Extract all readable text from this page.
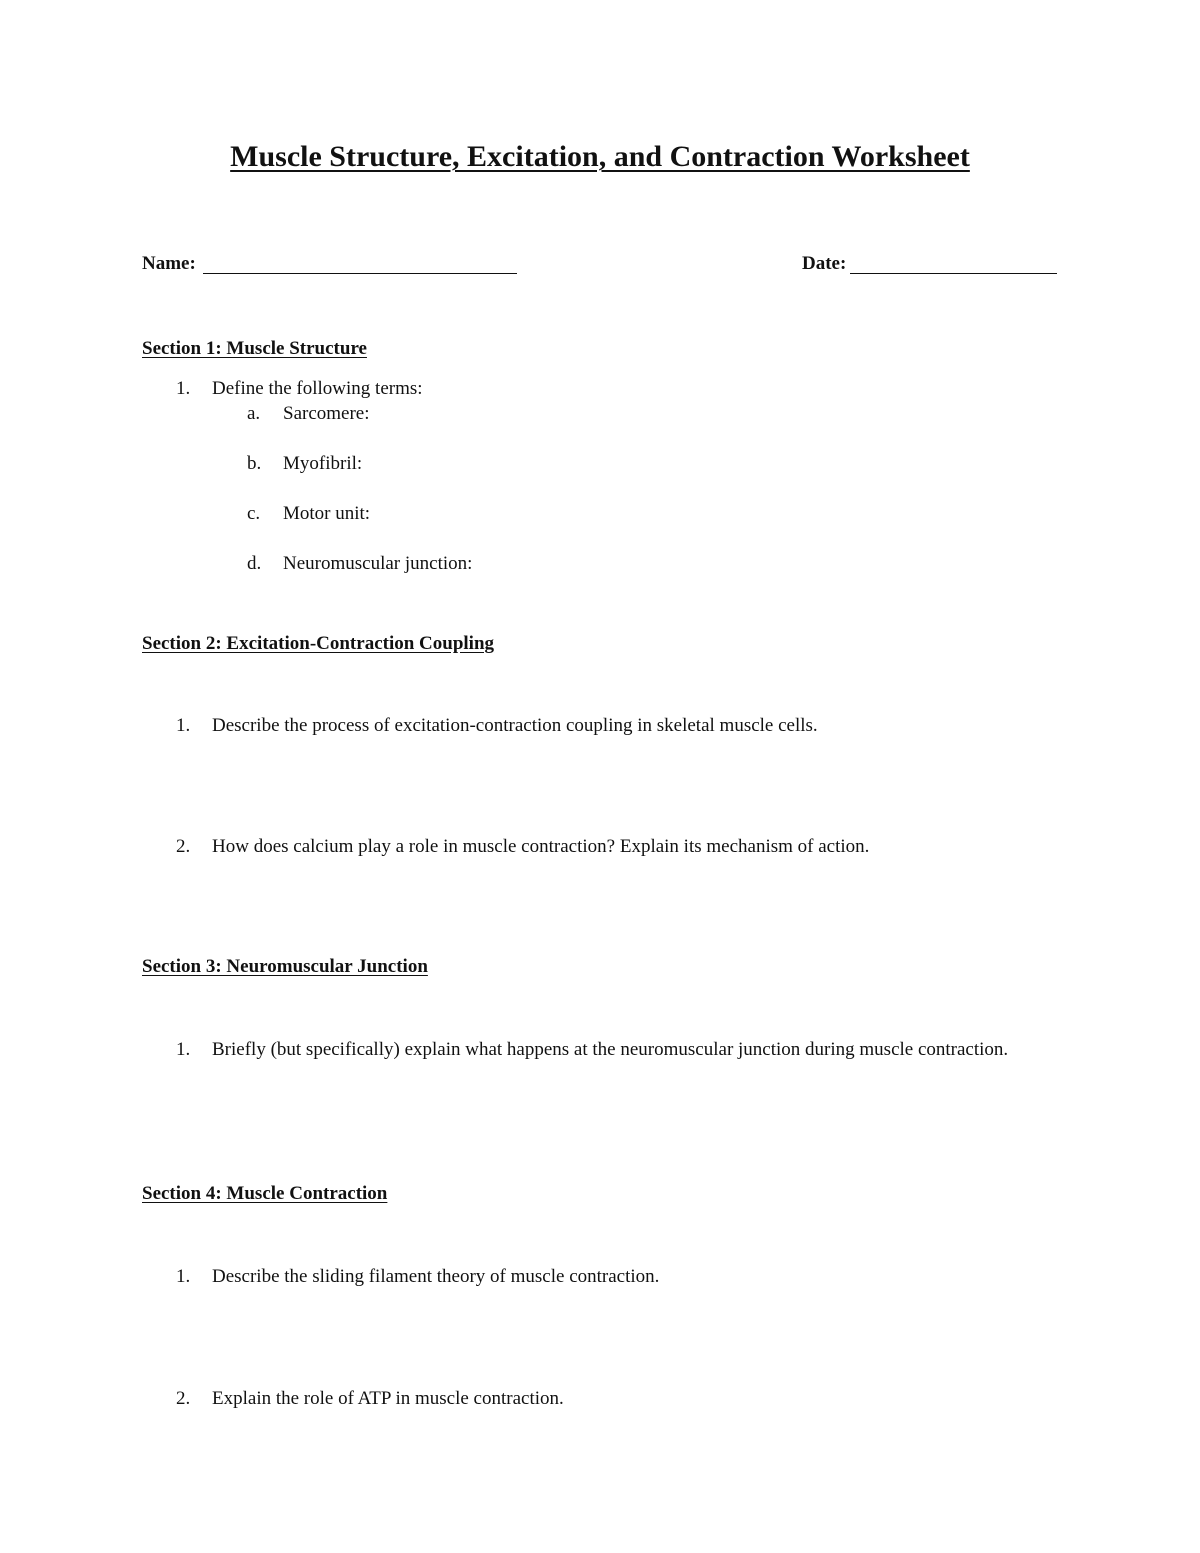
Muscle Structure, Excitation, and Contraction Worksheet
Name:	Date:
Section 1: Muscle Structure
1. Define the following terms:
a. Sarcomere:
b. Myofibril:
c. Motor unit:
d. Neuromuscular junction:
Section 2: Excitation-Contraction Coupling
1. Describe the process of excitation-contraction coupling in skeletal muscle cells.
2. How does calcium play a role in muscle contraction? Explain its mechanism of action.
Section 3: Neuromuscular Junction
1. Briefly (but specifically) explain what happens at the neuromuscular junction during muscle contraction.
Section 4: Muscle Contraction
1. Describe the sliding filament theory of muscle contraction.
2. Explain the role of ATP in muscle contraction.
